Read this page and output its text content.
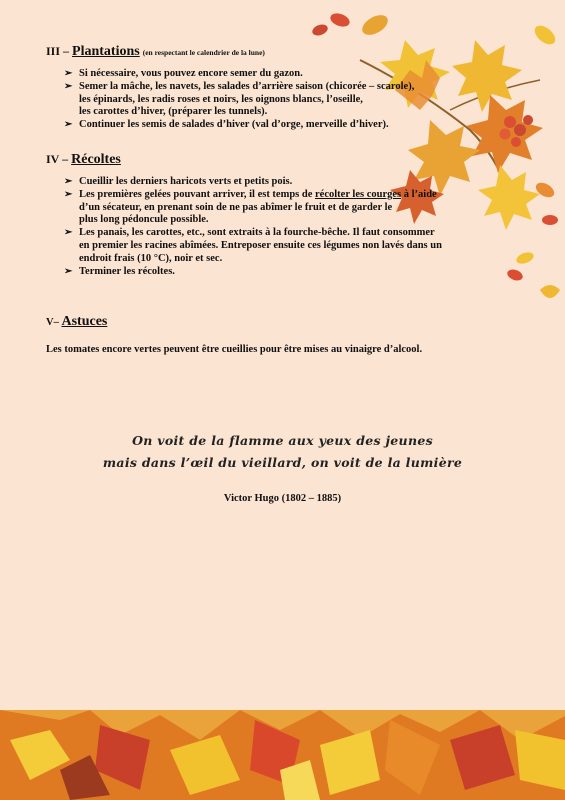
III – Plantations (en respectant le calendrier de la lune)

➢ Si nécessaire, vous pouvez encore semer du gazon.
➢ Semer la mâche, les navets, les salades d’arrière saison (chicorée – scarole),
les épinards, les radis roses et noirs, les oignons blancs, l’oseille,
les carottes d’hiver, (préparer les tunnels).
➢ Continuer les semis de salades d’hiver (val d’orge, merveille d’hiver).

IV – Récoltes

➢ Cueillir les derniers haricots verts et petits pois.
➢ Les premières gelées pouvant arriver, il est temps de récolter les courges à l’aide
d’un sécateur, en prenant soin de ne pas abîmer le fruit et de garder le
plus long pédoncule possible.
➢ Les panais, les carottes, etc., sont extraits à la fourche-bêche. Il faut consommer
en premier les racines abîmées. Entreposer ensuite ces légumes non lavés dans un
endroit frais (10 °C), noir et sec.
➢ Terminer les récoltes.

V– Astuces

Les tomates encore vertes peuvent être cueillies pour être mises au vinaigre d’alcool.

On voit de la flamme aux yeux des jeunes
mais dans l’œil du vieillard, on voit de la lumière
Victor Hugo (1802 – 1885)
